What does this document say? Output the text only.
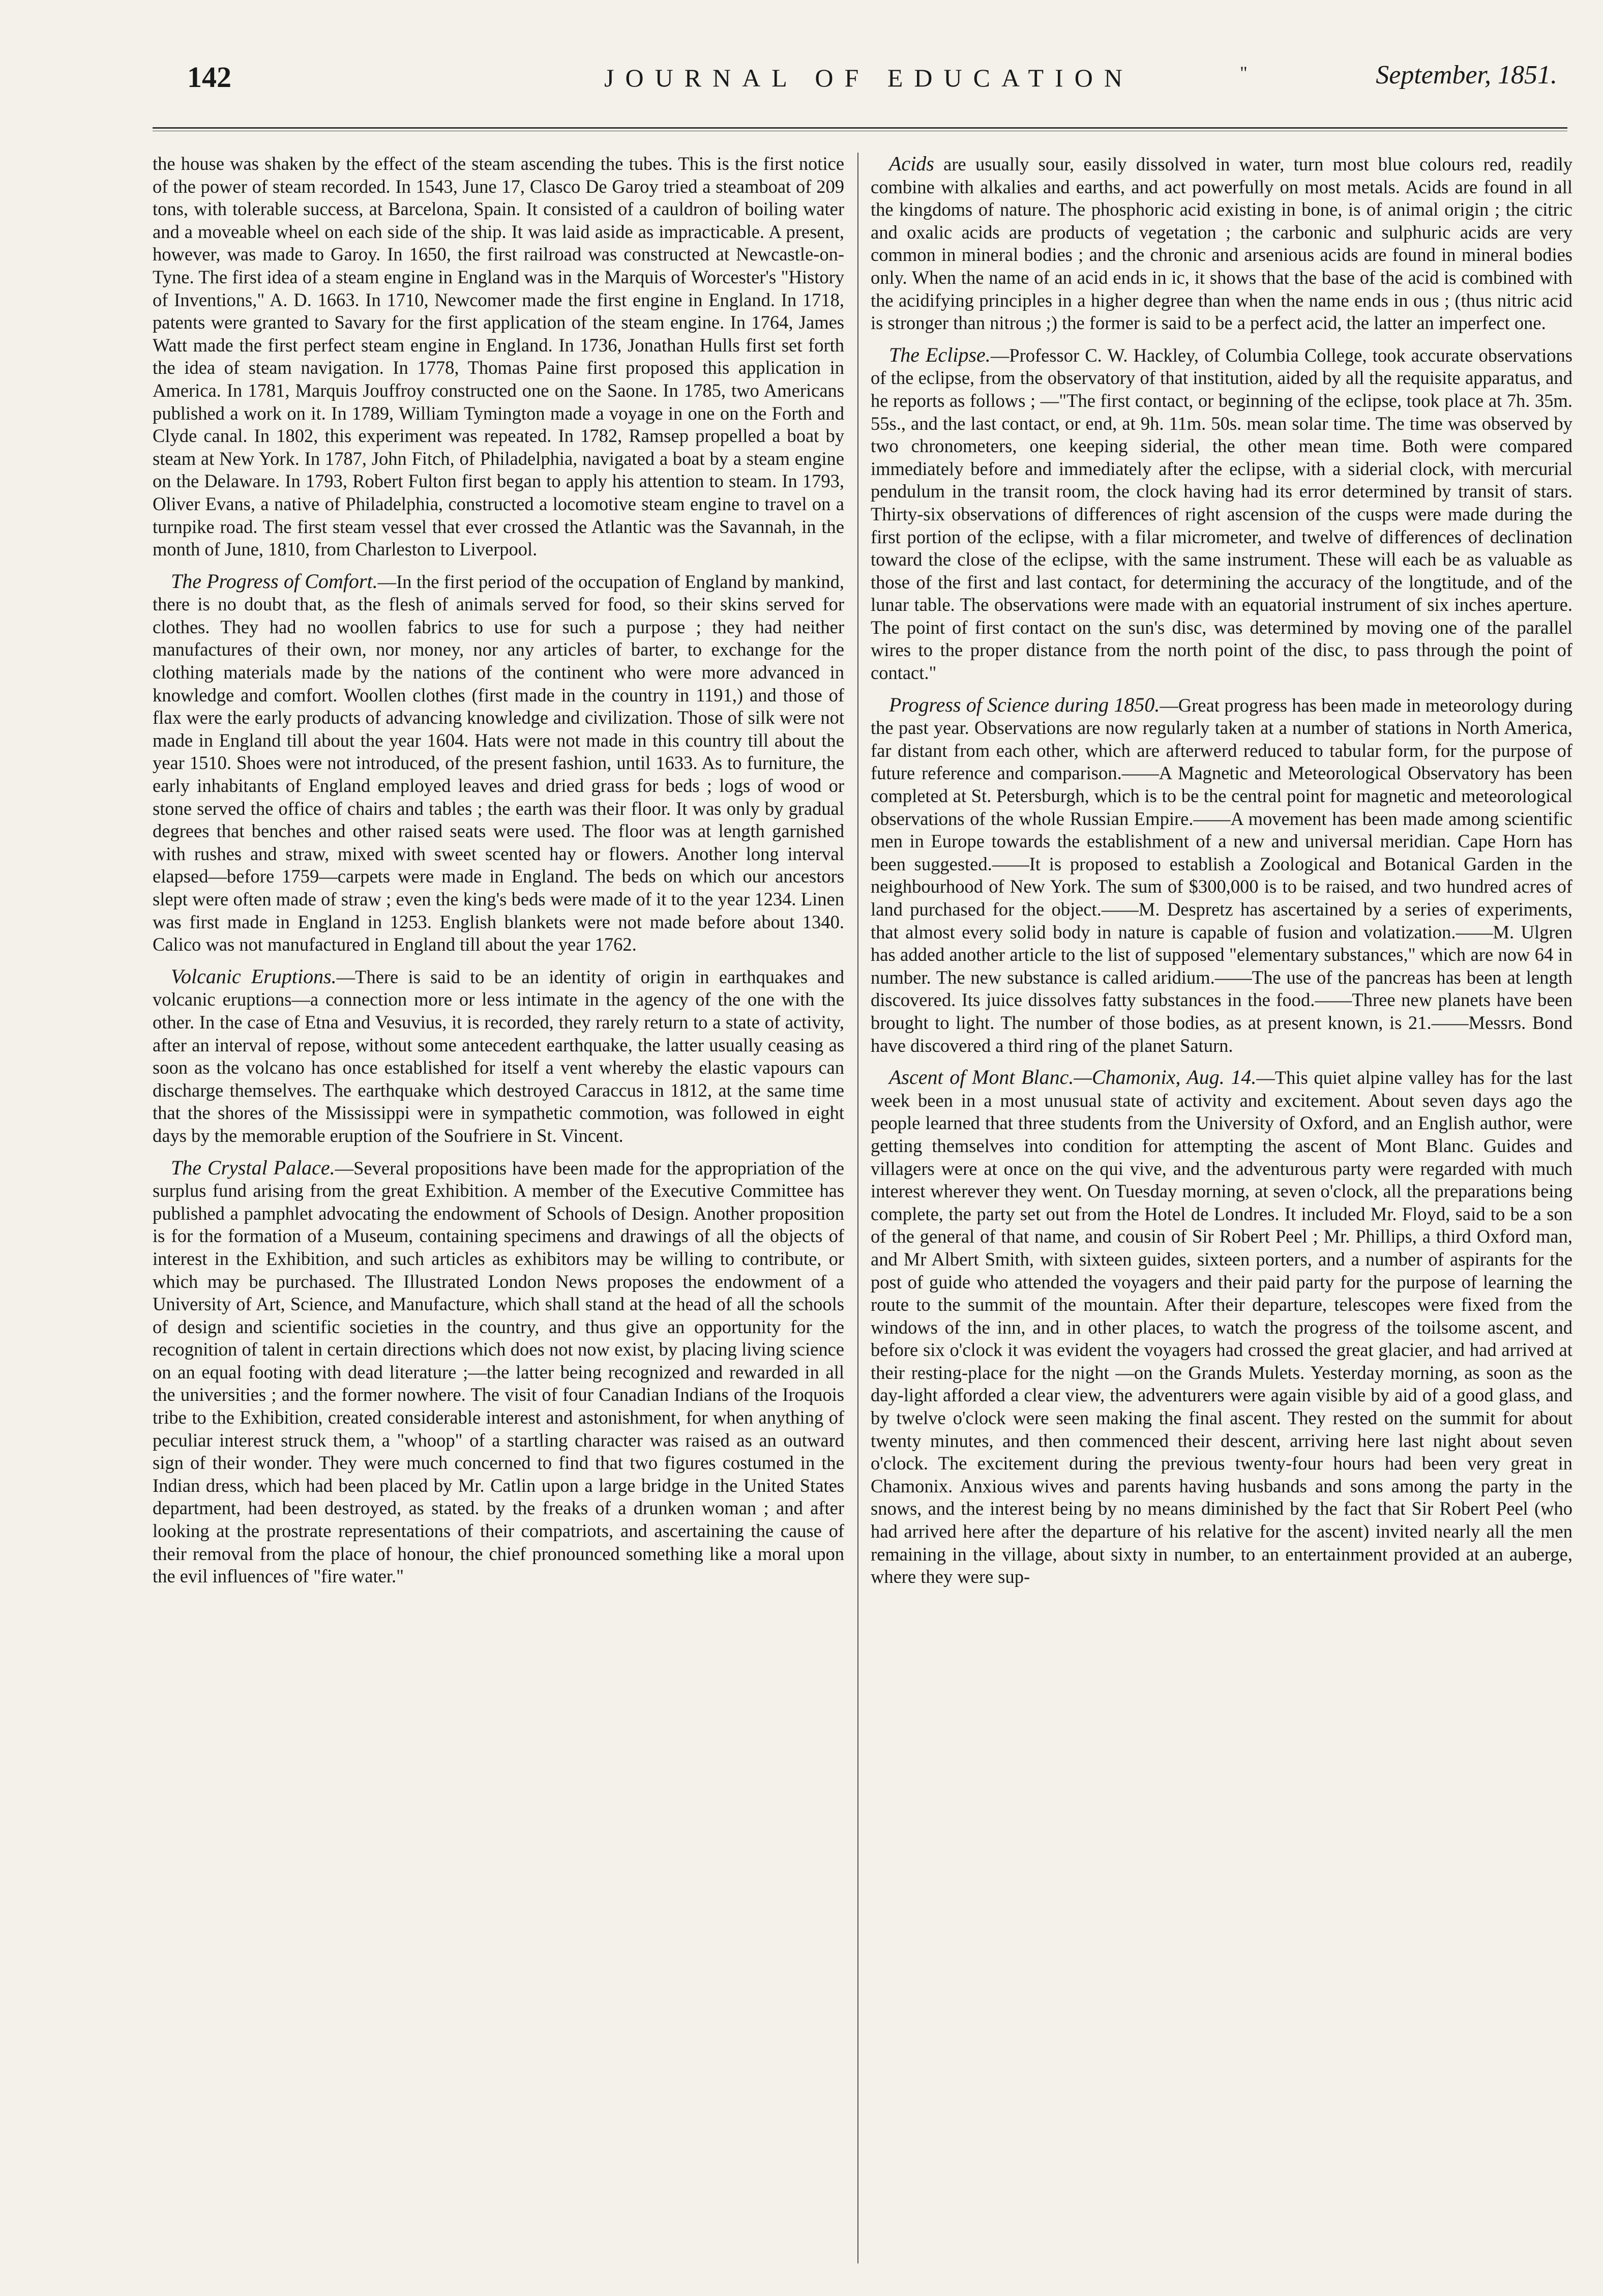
142	JOURNAL OF EDUCATION	"	September, 1851.

the house was shaken by the effect of the steam ascending the tubes. This is the first notice of the power of steam recorded. In 1543, June 17, Clasco De Garoy tried a steamboat of 209 tons, with tolerable success, at Barcelona, Spain. It consisted of a cauldron of boiling water and a moveable wheel on each side of the ship. It was laid aside as impracticable. A present, however, was made to Garoy. In 1650, the first railroad was constructed at Newcastle-on-Tyne. The first idea of a steam engine in England was in the Marquis of Worcester's "History of Inventions," A. D. 1663. In 1710, Newcomer made the first engine in England. In 1718, patents were granted to Savary for the first application of the steam engine. In 1764, James Watt made the first perfect steam engine in England. In 1736, Jonathan Hulls first set forth the idea of steam navigation. In 1778, Thomas Paine first proposed this application in America. In 1781, Marquis Jouffroy constructed one on the Saone. In 1785, two Americans published a work on it. In 1789, William Tymington made a voyage in one on the Forth and Clyde canal. In 1802, this experiment was repeated. In 1782, Ramsep propelled a boat by steam at New York. In 1787, John Fitch, of Philadelphia, navigated a boat by a steam engine on the Delaware. In 1793, Robert Fulton first began to apply his attention to steam. In 1793, Oliver Evans, a native of Philadelphia, constructed a locomotive steam engine to travel on a turnpike road. The first steam vessel that ever crossed the Atlantic was the Savannah, in the month of June, 1810, from Charleston to Liverpool.

The Progress of Comfort.—In the first period of the occupation of England by mankind, there is no doubt that, as the flesh of animals served for food, so their skins served for clothes. They had no woollen fabrics to use for such a purpose ; they had neither manufactures of their own, nor money, nor any articles of barter, to exchange for the clothing materials made by the nations of the continent who were more advanced in knowledge and comfort. Woollen clothes (first made in the country in 1191,) and those of flax were the early products of advancing knowledge and civilization. Those of silk were not made in England till about the year 1604. Hats were not made in this country till about the year 1510. Shoes were not introduced, of the present fashion, until 1633. As to furniture, the early inhabitants of England employed leaves and dried grass for beds ; logs of wood or stone served the office of chairs and tables ; the earth was their floor. It was only by gradual degrees that benches and other raised seats were used. The floor was at length garnished with rushes and straw, mixed with sweet scented hay or flowers. Another long interval elapsed—before 1759—carpets were made in England. The beds on which our ancestors slept were often made of straw ; even the king's beds were made of it to the year 1234. Linen was first made in England in 1253. English blankets were not made before about 1340. Calico was not manufactured in England till about the year 1762.

Volcanic Eruptions.—There is said to be an identity of origin in earthquakes and volcanic eruptions—a connection more or less intimate in the agency of the one with the other. In the case of Etna and Vesuvius, it is recorded, they rarely return to a state of activity, after an interval of repose, without some antecedent earthquake, the latter usually ceasing as soon as the volcano has once established for itself a vent whereby the elastic vapours can discharge themselves. The earthquake which destroyed Caraccus in 1812, at the same time that the shores of the Mississippi were in sympathetic commotion, was followed in eight days by the memorable eruption of the Soufriere in St. Vincent.

The Crystal Palace.—Several propositions have been made for the appropriation of the surplus fund arising from the great Exhibition. A member of the Executive Committee has published a pamphlet advocating the endowment of Schools of Design. Another proposition is for the formation of a Museum, containing specimens and drawings of all the objects of interest in the Exhibition, and such articles as exhibitors may be willing to contribute, or which may be purchased. The Illustrated London News proposes the endowment of a University of Art, Science, and Manufacture, which shall stand at the head of all the schools of design and scientific societies in the country, and thus give an opportunity for the recognition of talent in certain directions which does not now exist, by placing living science on an equal footing with dead literature ;—the latter being recognized and rewarded in all the universities ; and the former nowhere. The visit of four Canadian Indians of the Iroquois tribe to the Exhibition, created considerable interest and astonishment, for when anything of peculiar interest struck them, a "whoop" of a startling character was raised as an outward sign of their wonder. They were much concerned to find that two figures costumed in the Indian dress, which had been placed by Mr. Catlin upon a large bridge in the United States department, had been destroyed, as stated. by the freaks of a drunken woman ; and after looking at the prostrate representations of their compatriots, and ascertaining the cause of their removal from the place of honour, the chief pronounced something like a moral upon the evil influences of "fire water."

Acids are usually sour, easily dissolved in water, turn most blue colours red, readily combine with alkalies and earths, and act powerfully on most metals. Acids are found in all the kingdoms of nature. The phosphoric acid existing in bone, is of animal origin ; the citric and oxalic acids are products of vegetation ; the carbonic and sulphuric acids are very common in mineral bodies ; and the chronic and arsenious acids are found in mineral bodies only. When the name of an acid ends in ic, it shows that the base of the acid is combined with the acidifying principles in a higher degree than when the name ends in ous ; (thus nitric acid is stronger than nitrous ;) the former is said to be a perfect acid, the latter an imperfect one.

The Eclipse.—Professor C. W. Hackley, of Columbia College, took accurate observations of the eclipse, from the observatory of that institution, aided by all the requisite apparatus, and he reports as follows ; —"The first contact, or beginning of the eclipse, took place at 7h. 35m. 55s., and the last contact, or end, at 9h. 11m. 50s. mean solar time. The time was observed by two chronometers, one keeping siderial, the other mean time. Both were compared immediately before and immediately after the eclipse, with a siderial clock, with mercurial pendulum in the transit room, the clock having had its error determined by transit of stars. Thirty-six observations of differences of right ascension of the cusps were made during the first portion of the eclipse, with a filar micrometer, and twelve of differences of declination toward the close of the eclipse, with the same instrument. These will each be as valuable as those of the first and last contact, for determining the accuracy of the longtitude, and of the lunar table. The observations were made with an equatorial instrument of six inches aperture. The point of first contact on the sun's disc, was determined by moving one of the parallel wires to the proper distance from the north point of the disc, to pass through the point of contact."

Progress of Science during 1850.—Great progress has been made in meteorology during the past year. Observations are now regularly taken at a number of stations in North America, far distant from each other, which are afterwerd reduced to tabular form, for the purpose of future reference and comparison.——A Magnetic and Meteorological Observatory has been completed at St. Petersburgh, which is to be the central point for magnetic and meteorological observations of the whole Russian Empire.——A movement has been made among scientific men in Europe towards the establishment of a new and universal meridian. Cape Horn has been suggested.——It is proposed to establish a Zoological and Botanical Garden in the neighbourhood of New York. The sum of $300,000 is to be raised, and two hundred acres of land purchased for the object.——M. Despretz has ascertained by a series of experiments, that almost every solid body in nature is capable of fusion and volatization.——M. Ulgren has added another article to the list of supposed "elementary substances," which are now 64 in number. The new substance is called aridium.——The use of the pancreas has been at length discovered. Its juice dissolves fatty substances in the food.——Three new planets have been brought to light. The number of those bodies, as at present known, is 21.——Messrs. Bond have discovered a third ring of the planet Saturn.

Ascent of Mont Blanc.—Chamonix, Aug. 14.—This quiet alpine valley has for the last week been in a most unusual state of activity and excitement. About seven days ago the people learned that three students from the University of Oxford, and an English author, were getting themselves into condition for attempting the ascent of Mont Blanc. Guides and villagers were at once on the qui vive, and the adventurous party were regarded with much interest wherever they went. On Tuesday morning, at seven o'clock, all the preparations being complete, the party set out from the Hotel de Londres. It included Mr. Floyd, said to be a son of the general of that name, and cousin of Sir Robert Peel ; Mr. Phillips, a third Oxford man, and Mr Albert Smith, with sixteen guides, sixteen porters, and a number of aspirants for the post of guide who attended the voyagers and their paid party for the purpose of learning the route to the summit of the mountain. After their departure, telescopes were fixed from the windows of the inn, and in other places, to watch the progress of the toilsome ascent, and before six o'clock it was evident the voyagers had crossed the great glacier, and had arrived at their resting-place for the night —on the Grands Mulets. Yesterday morning, as soon as the day-light afforded a clear view, the adventurers were again visible by aid of a good glass, and by twelve o'clock were seen making the final ascent. They rested on the summit for about twenty minutes, and then commenced their descent, arriving here last night about seven o'clock. The excitement during the previous twenty-four hours had been very great in Chamonix. Anxious wives and parents having husbands and sons among the party in the snows, and the interest being by no means diminished by the fact that Sir Robert Peel (who had arrived here after the departure of his relative for the ascent) invited nearly all the men remaining in the village, about sixty in number, to an entertainment provided at an auberge, where they were sup-
